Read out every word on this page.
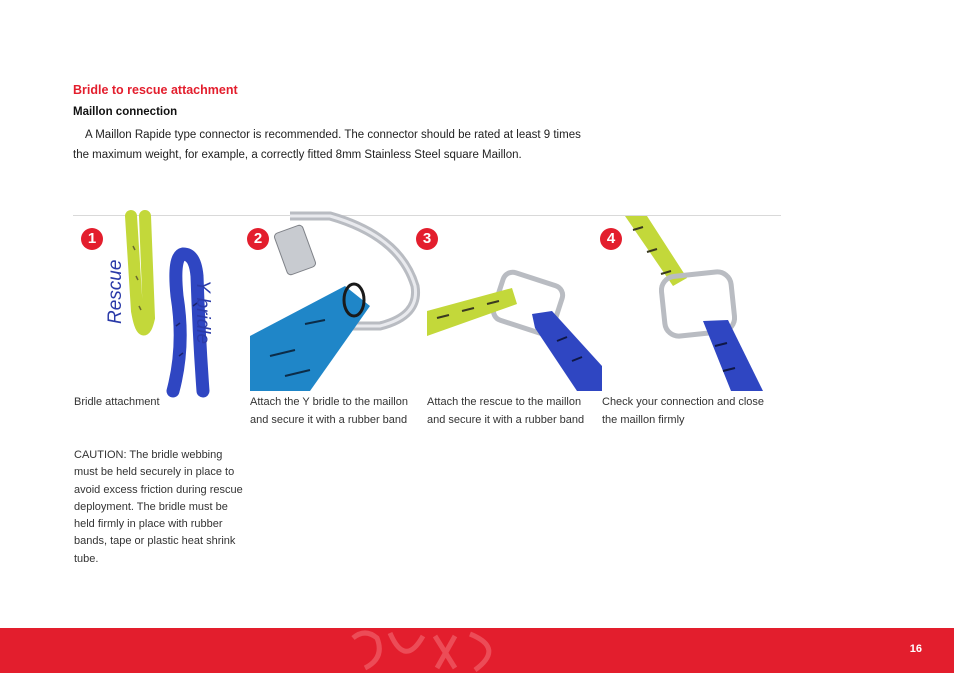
Bridle to rescue attachment
Maillon connection

A Maillon Rapide type connector is recommended. The connector should be rated at least 9 times
the maximum weight, for example, a correctly fitted 8mm Stainless Steel square Maillon.

Rescue	Y bridle
1	2	3	4
Bridle attachment	Attach the Y bridle to the maillon and secure it with a rubber band
Attach the rescue to the maillon and secure it with a rubber band
Check your connection and close the maillon firmly
CAUTION: The bridle webbing must be held securely in place to avoid excess friction during rescue deployment. The bridle must be held firmly in place with rubber bands, tape or plastic heat shrink tube.
16
